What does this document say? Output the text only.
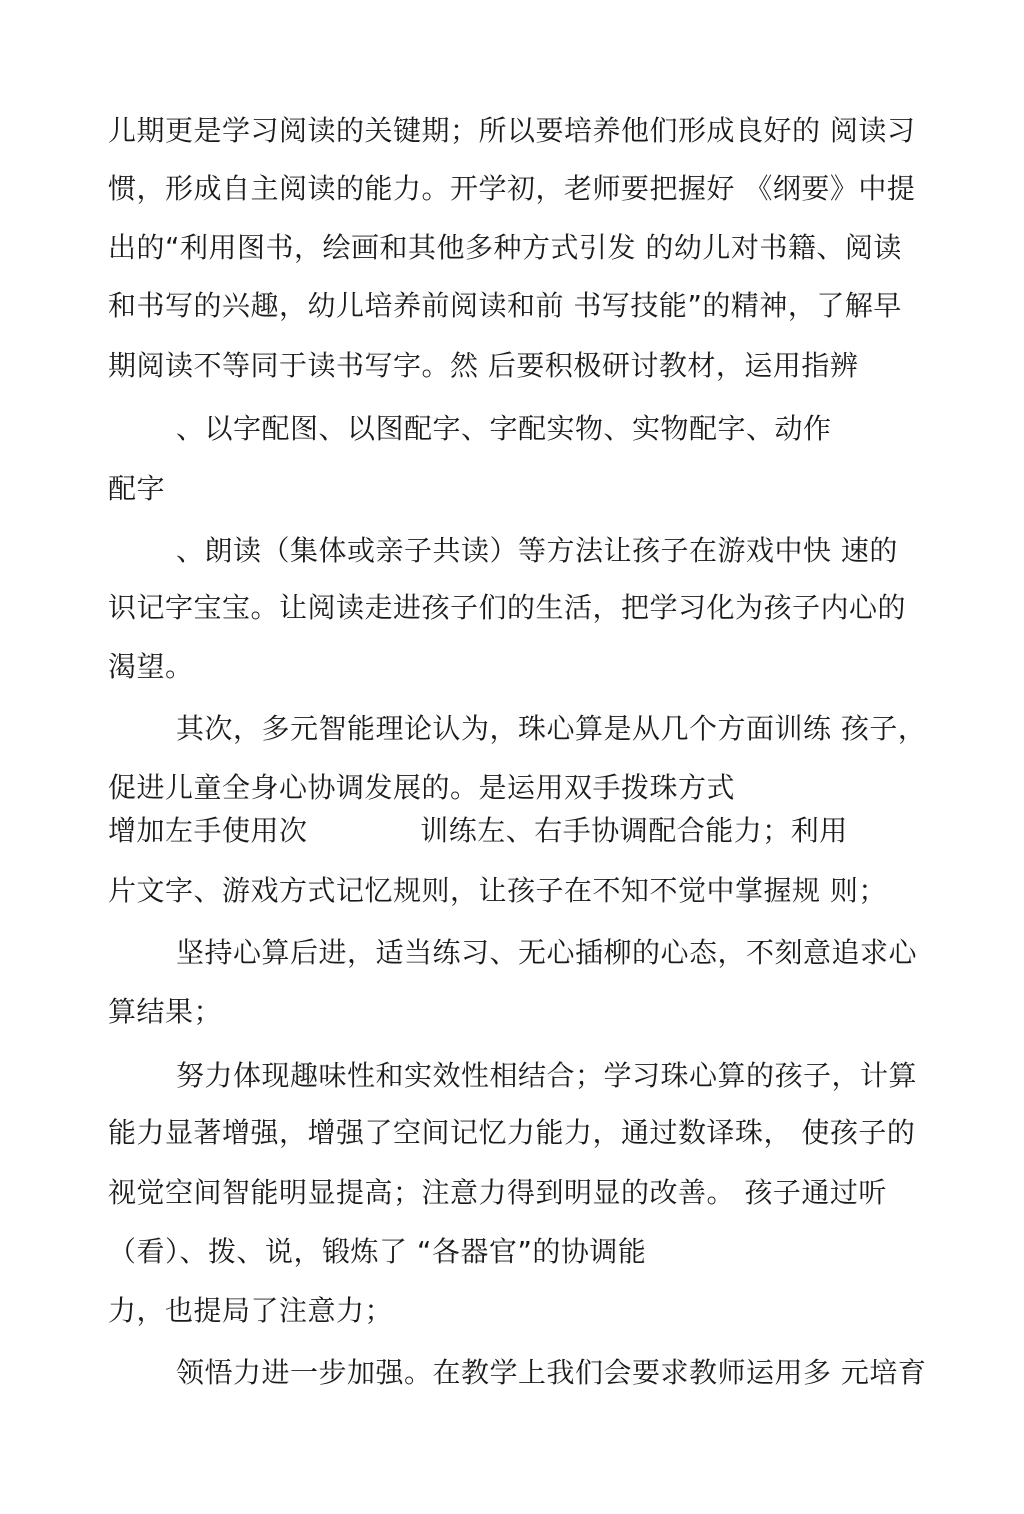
儿期更是学习阅读的关键期；所以要培养他们形成良好的 阅读习
惯，形成自主阅读的能力。开学初，老师要把握好 《纲要》中提
出的“利用图书，绘画和其他多种方式引发 的幼儿对书籍、阅读
和书写的兴趣，幼儿培养前阅读和前 书写技能”的精神，了解早
期阅读不等同于读书写字。然 后要积极研讨教材，运用指辨
、以字配图、以图配字、字配实物、实物配字、动作
配字
、朗读（集体或亲子共读）等方法让孩子在游戏中快 速的
识记字宝宝。让阅读走进孩子们的生活，把学习化为孩子内心的
渴望。
其次，多元智能理论认为，珠心算是从几个方面训练 孩子，
促进儿童全身心协调发展的。是运用双手拨珠方式
增加左手使用次            训练左、右手协调配合能力；利用
片文字、游戏方式记忆规则，让孩子在不知不觉中掌握规 则；
坚持心算后进，适当练习、无心插柳的心态，不刻意追求心
算结果；
努力体现趣味性和实效性相结合；学习珠心算的孩子，计算
能力显著增强，增强了空间记忆力能力，通过数译珠， 使孩子的
视觉空间智能明显提高；注意力得到明显的改善。 孩子通过听
（看）、拨、说，锻炼了 “各器官”的协调能
力，也提局了注意力；
领悟力进一步加强。在教学上我们会要求教师运用多 元培育
